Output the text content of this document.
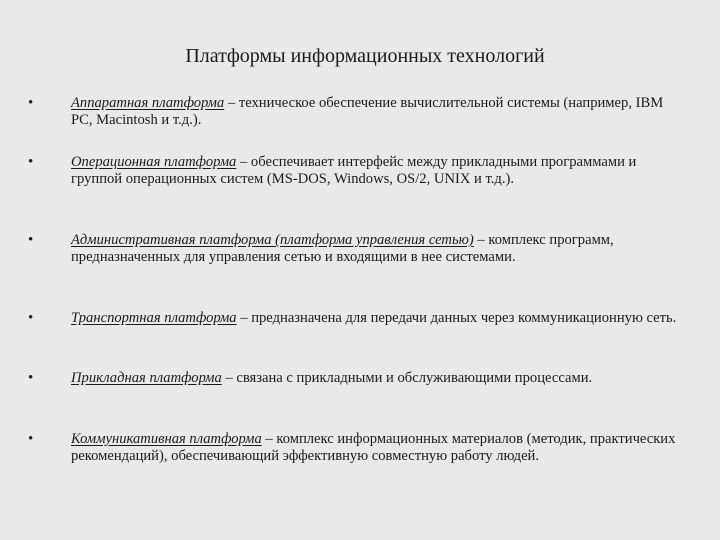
Платформы информационных технологий
•	Аппаратная платформа – техническое обеспечение вычислительной системы (например, IBM PC, Macintosh и т.д.).
•	Операционная платформа – обеспечивает интерфейс между прикладными программами и группой операционных систем (MS-DOS, Windows, OS/2, UNIX и т.д.).
•	Административная платформа (платформа управления сетью) – комплекс программ, предназначенных для управления сетью и входящими в нее системами.
•	Транспортная платформа – предназначена для передачи данных через коммуникационную сеть.
•	Прикладная платформа – связана с прикладными и обслуживающими процессами.
•	Коммуникативная платформа – комплекс информационных материалов (методик, практических рекомендаций), обеспечивающий эффективную совместную работу людей.
